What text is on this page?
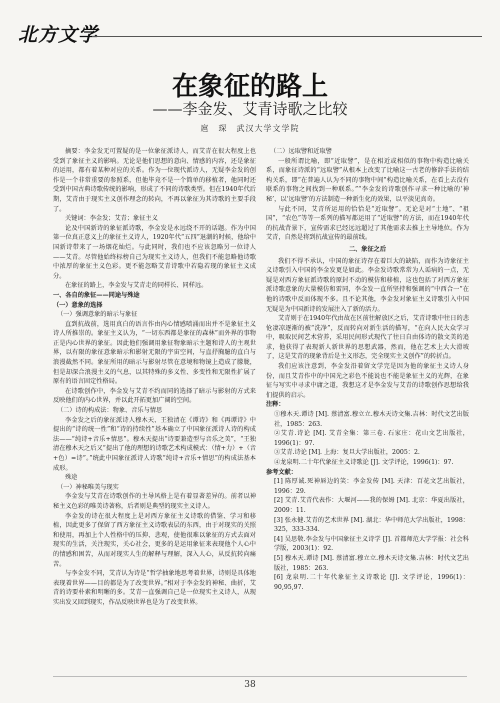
北方文学
在象征的路上
——李金发、艾青诗歌之比较
扈　琛　武汉大学文学院

摘要：李金发无可置疑的是一位象征派诗人，而艾青在很大程度上也受到了象征主义的影响。无论是他们思想的意向、情感的内容，还是象征的运用，都有着某种对应的关系。作为一位现代派诗人，无疑李金发的创作是一个非常重要的参照系，但他毕竟不是一个简单的移植者，他同时还受到中国古典诗歌传统的影响，形成了不同的诗歌类型。但在1940年代后期，艾青由于现实主义创作理念的转向，不再以象征为其诗歌的主要手段了。

关键词：李金发；艾青；象征主义

论及中国新诗的象征派诗歌，李金发是永远绕不开的话题。作为中国第一位真正意义上的象征主义诗人，1920年代“五四”退潮的时候，他给中国新诗带来了一场烟花灿烂。与此同时，我们也不应该忽略另一位诗人——艾青。尽管他始终标榜自己为现实主义诗人，但我们不能忽略他诗歌中浓厚的象征主义色彩。更不能忽略艾青诗歌中若隐若现的象征主义成分。

在象征的路上，李金发与艾青走的同样长、同样远。

一、各自的象征——同途与殊途

（一）意象的选择

（一）强调意象的暗示与象征

直到抗战前，选用真白的语言作由内心情感喷涌而出并不是象征主义诗人所推崇的。象征主义认为，“一切东西都是象征的森林”而外界的事物正是内心世界的象征。因此他们强调用象征物象暗示主题和诗人的主观世界，以有限的象征意象暗示和影射无限的宇宙空间，与直抒胸臆的直白与浪漫截然不同。象征所用的暗示与影射尽管在意境和物镜上造成了朦胧，但是却深合浪漫主义的气息，以其特殊的多义性、多变性和无限性扩展了原有的语言固定性格局。

在诗歌创作中，李金发与艾青不约而同的选择了暗示与影射的方式来反映他们的内心世界，并以此开拓更加广阔的空间。

（二）诗的构成法：物象、音乐与情思

李金发之后的象征派诗人穆木天、王独清在《谭诗》和《再谭诗》中提出的“诗的统一性”和“诗的持续性”基本确立了中国象征派诗人诗的构成法——“纯诗+音乐+情思”。穆木天提出“诗要兼造型与音乐之美”，“王独清在穆木天之后又“提出了他的理想的诗歌艺术构成模式：（情+力）+（音+色）=诗”。”统此中国象征派诗人诗歌“纯诗+音乐+情思”的构成法基本成形。

殊途

（一）神秘唯美与现实

李金发与艾青在诗歌创作的主导风格上是有着显著差异的。前者以神秘主义色彩的唯美诗著称，后者则是典型的现实主义诗人。

李金发的诗在很大程度上是对西方象征主义诗歌的借鉴、学习和移植，因此更多了保留了西方象征主义诗歌表层的东西，由于对现实的关照和使用，再加上个人性格中的压抑、悲观，使他很难以象征的方式去面对现实的生活，关注现实，关心社会，更多的是运用象征来表现他个人心中的情感和困苦，从而对现实人生的解释与理解，深入人心，从反抗转向痛苦。

与李金发不同，艾青认为诗是“哲学抽象地思考着世界，诗则是具体地表现着世界——目的都是为了改变世界。”相对于李金发的神秘、曲折，艾青的诗要朴素和明晰的多。艾青一直强调自己是一位现实主义诗人，从现实出发又回到现实，作品反映世界也是为了改变世界。

（二）远取譬和近取譬

一般所谓比喻，即“近取譬”，是在相近或相似的事物中构造比喻关系，而象征诗派的“远取譬”从根本上改变了比喻这一古老的修辞手法的结构关系，即“在普遍人认为不同的事物中间”构造比喻关系，在看上去没有联系的事物之间找到一种联系。”“李金发的诗歌创作寻求一种比喻的‘神秘’，以‘远取譬’的方法制造一种新生化的效果，以平淡见真奇。

与此不同，艾青所运用的恰恰是“近取譬”。无论是对“土地”、“祖国”，“农色”等等一系列的描写都运用了“近取譬”的方法，而在1940年代的抗战背景下，宣传需求已经远远超过了其他需求去推上主导地位。作为艾青，自然是将到抗战宣传的最前线。

二、象征之后

我们不得不承认，中国的象征诗存在着巨大的缺陷，而作为诗象征主义诗歌引入中国的李金发更是如此。李金发诗歌常常为人诟病的一点，无疑是对西方象征派诗歌的原封不动的模仿和移植，这也包括了对西方象征派诗歌意象的大量模仿和雷同，李金发一直所坚持和强调的“中西合一”在他的诗歌中反而体现不多。且不论其他，李金发对象征主义诗歌引入中国无疑是为中国新诗的发展注入了新的活力。

艾青则于在1940年代由故在区前往解放区之后，艾青诗歌中往日的悲怆凄凉逐渐的被“洗净”，反而转向对新生活的描写，“在向人民大众学习中，吸取民间艺术营养，采用民间形式现代了往日自由体诗的散文美的追求，他获得了表现新人新世界的思想武器，然而，他在艺术上大大滑坡了，这是艾青的现象背后是主义形态，完全现实主义创作”的转折点。

我们应该注意到，李金发沿着留文学完是因为他的象征主义诗人身份，而且艾青作中的中国光之彩色不能说也不能是象征主义的光辉，在象征与写实中寻求中庸之道，我想这才是李金发与艾青的诗歌创作思想给我们提供的启示。

注释：

①穆木天.谭诗 [M]. 蔡清富.穆立立.穆木天诗文集.吉林：时代文艺出版社，1985：263.

②艾青.诗论 [M]. 艾青全集：第三卷. 石家庄：花山文艺出版社，1996(1)：97.

③艾青.诗论 [M]. 上海：复旦大学出版社，2005：2.

④龙泉明.二十年代象征主义诗歌论 [J]. 文学评论，1996(1)：97.

参考文献：

[1] 陈厚诚.死神唇边的笑：李金发传 [M]. 天津：百花文艺出版社，1996：29.

[2] 艾青.艾青代表作：大堰河——我的保姆 [M]. 北京：华夏出版社，2009：11.

[3] 张永健.艾青的艺术世界 [M]. 湖北：华中师范大学出版社，1998：325，333-334.

[4] 吴思敬.李金发与中国象征主义诗学 [J]. 首都师范大学学报：社会科学版，2003(1)：92.

[5] 穆木天.谭诗 [M]. 蔡清富.穆立立.穆木天诗文集.吉林：时代文艺出版社，1985：263.

[6] 龙泉明.二十年代象征主义诗歌论 [J]. 文学评论，1996(1)：90,95,97.

38
